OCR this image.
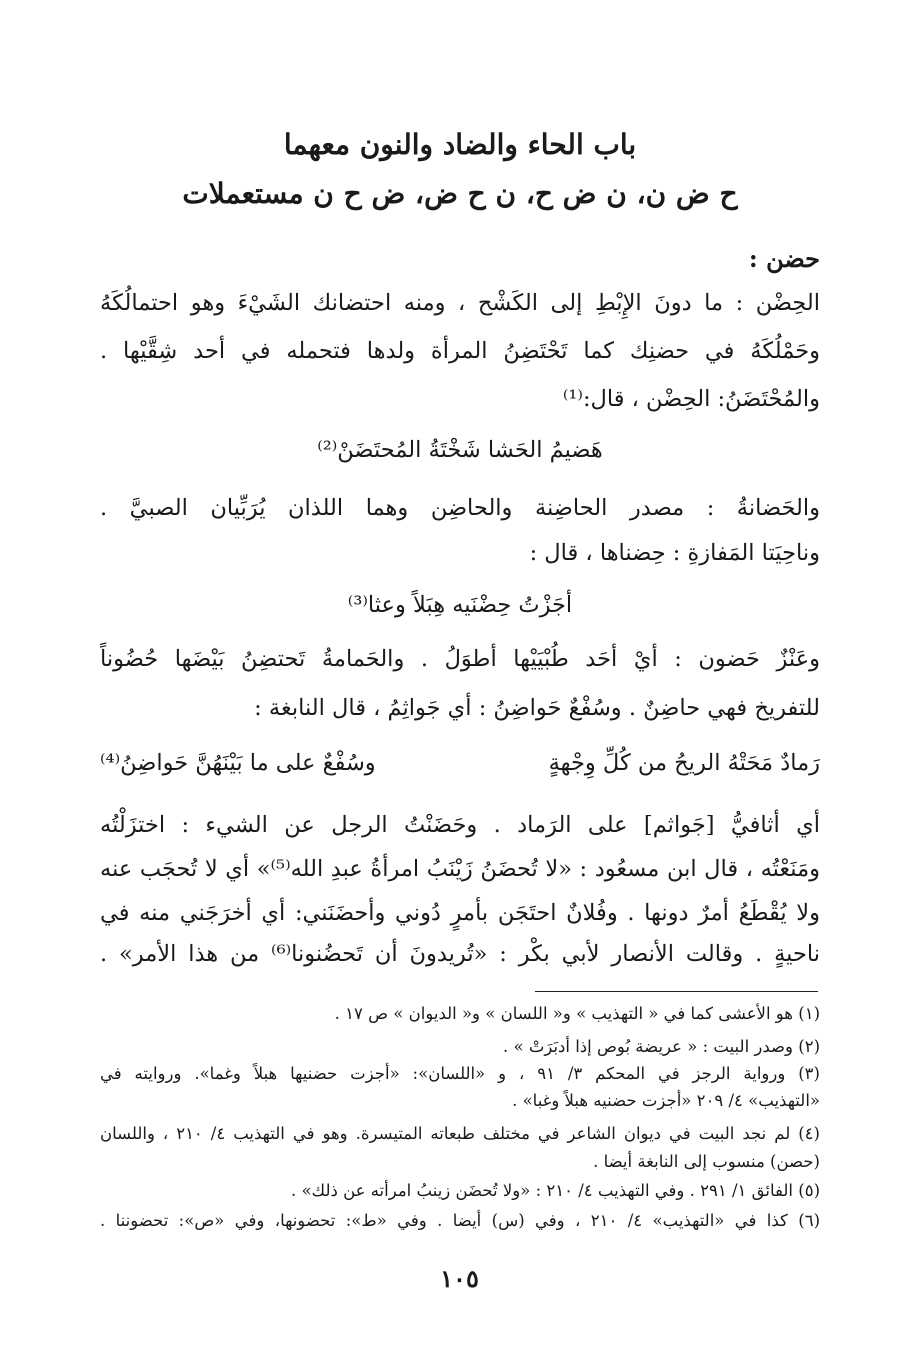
باب الحاء والضاد والنون معهما
ح ض ن، ن ض ح، ن ح ض، ض ح ن مستعملات
حضن :
الحِضْن : ما دونَ الإِبْطِ إلى الكَشْح ، ومنه احتضانك الشَيْءَ وهو احتمالُكَهُ
وحَمْلُكَهُ في حضنِك كما تَحْتَضِنُ المرأة ولدها فتحمله في أحد شِقَّيْها .
والمُحْتَضَنُ: الحِضْن ، قال:⁽¹⁾
هَضيمُ الحَشا شَخْتَةُ المُحتَضَنْ⁽²⁾
والحَضانةُ : مصدر الحاضِنة والحاضِن وهما اللذان يُرَبِّيان الصبيَّ .
وناحِيَتا المَفازةِ : حِضناها ، قال :
أجَزْتُ حِضْنَيه هِبَلاً وعثا⁽³⁾
وعَنْزٌ حَضون : أيْ أحَد طُبْيَيْها أطوَلُ . والحَمامةُ تَحتضِنُ بَيْضَها حُضُوناً
للتفريخ فهي حاضِنٌ . وسُفْعٌ حَواضِنُ : أي جَواثِمُ ، قال النابغة :
رَمادٌ مَحَتْهُ الريحُ من كُلِّ وِجْهةٍ
وسُفْعٌ على ما بَيْنَهُنَّ حَواضِنُ⁽⁴⁾
أي أثافيُّ [جَواثم] على الرَماد . وحَضَنْتُ الرجل عن الشيء : اختزَلْتُه
ومَنَعْتُه ، قال ابن مسعُود : «لا تُحضَنُ زَيْنَبُ امرأةُ عبدِ الله⁽⁵⁾» أي لا تُحجَب عنه
ولا يُقْطَعُ أمرٌ دونها . وفُلانٌ احتَجَن بأمرٍ دُوني وأحضَنَني: أي أخرَجَني منه في
ناحيةٍ . وقالت الأنصار لأبي بكْر : «تُريدونَ أن تَحضُنونا⁽⁶⁾ من هذا الأمر» .
(١) هو الأعشى كما في « التهذيب » و« اللسان » و« الديوان » ص ١٧ .
(٢) وصدر البيت : « عريضة بُوص إذا أدبَرَتْ » .
(٣) ورواية الرجز في المحكم ٣/ ٩١ ، و «اللسان»: «أجزت حضنيها هبلاً وغما». وروايته في
«التهذيب» ٤/ ٢٠٩ «أجزت حضنيه هبلاً وغبا» .
(٤) لم نجد البيت في ديوان الشاعر في مختلف طبعاته المتيسرة. وهو في التهذيب ٤/ ٢١٠ ، واللسان
(حصن) منسوب إلى النابغة أيضا .
(٥) الفائق ١/ ٢٩١ . وفي التهذيب ٤/ ٢١٠ : «ولا تُحضَن زينبُ امرأته عن ذلك» .
(٦) كذا في «التهذيب» ٤/ ٢١٠ ، وفي (س) أيضا . وفي «ط»: تحضونها، وفي «ص»: تحضوننا .
١٠٥
